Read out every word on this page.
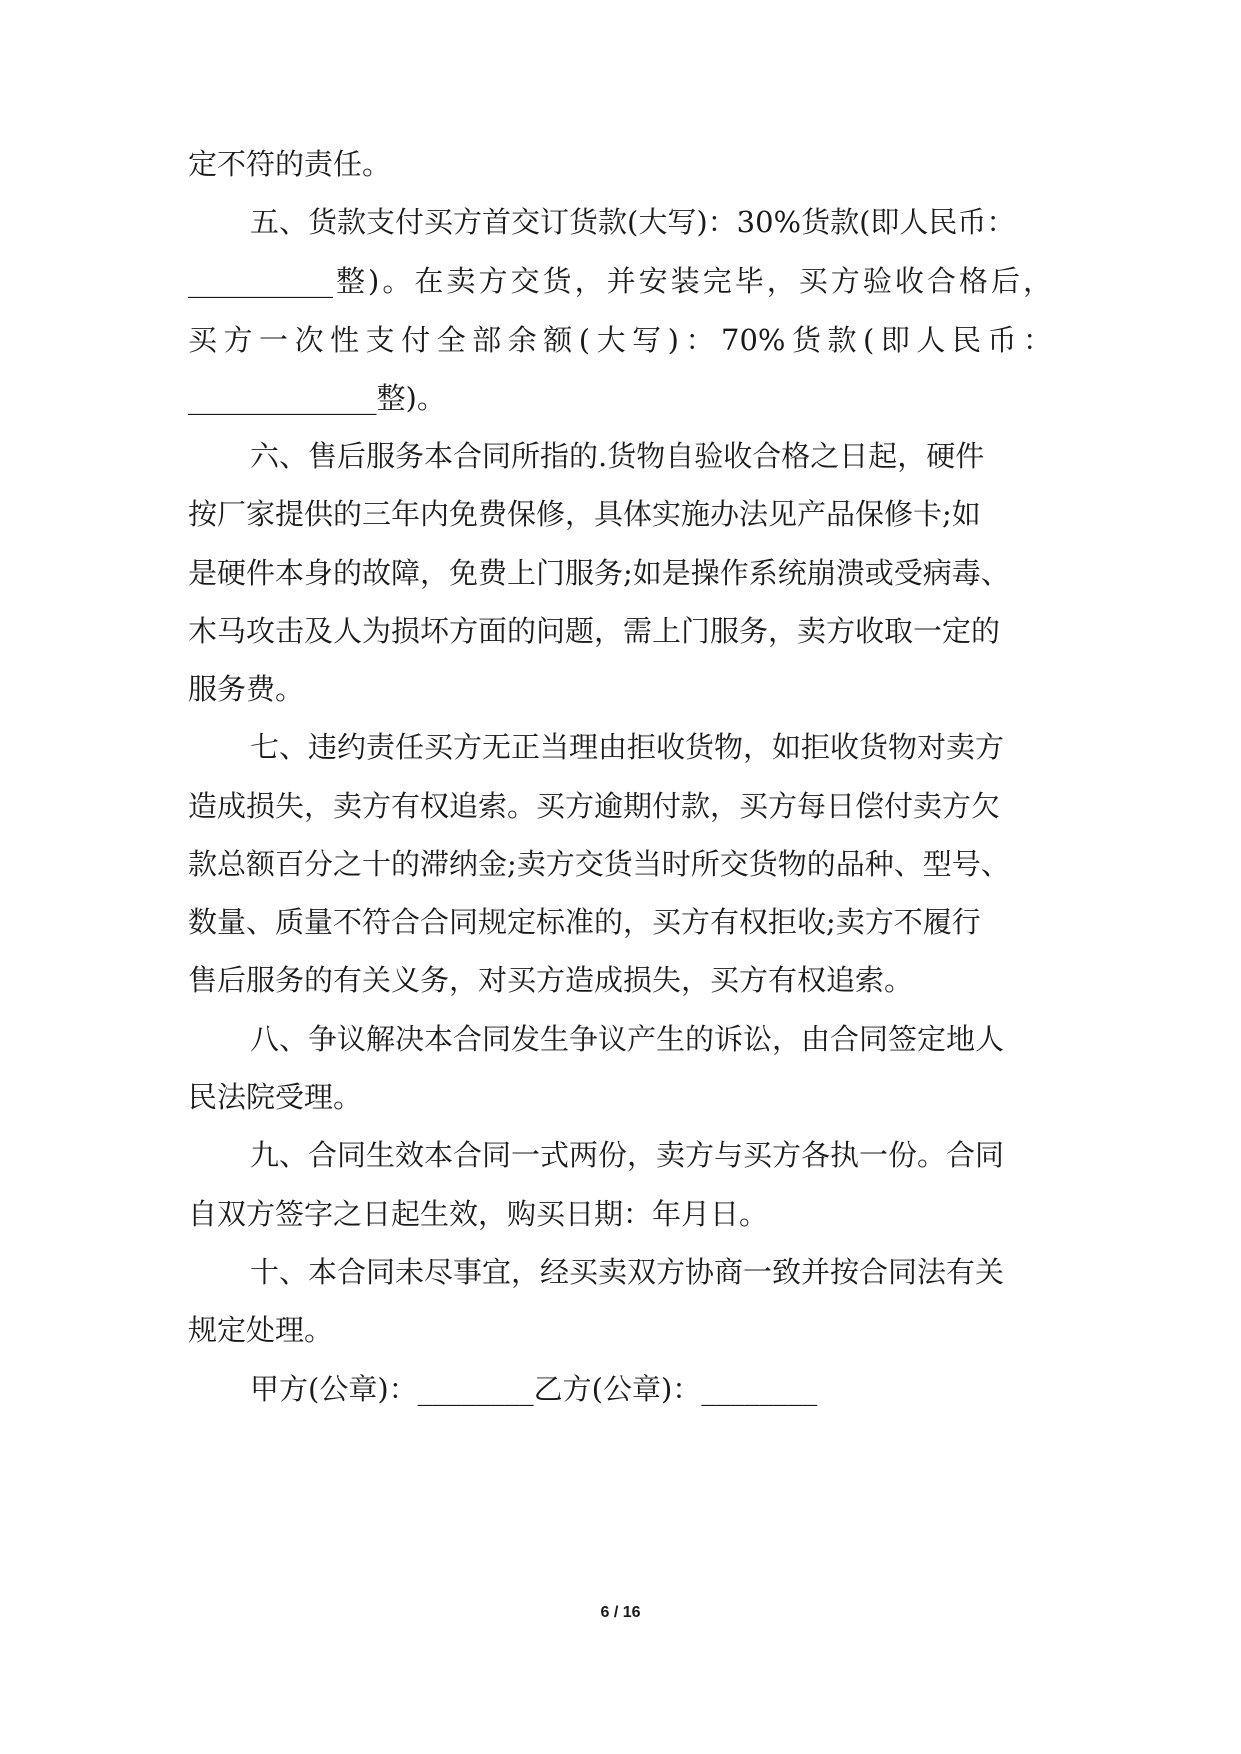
定不符的责任。

五、货款支付买方首交订货款(大写)：30%货款(即人民币：

__________整)。在卖方交货，并安装完毕，买方验收合格后，

买方一次性支付全部余额(大写)：70%货款(即人民币：

_____________整)。

六、售后服务本合同所指的.货物自验收合格之日起，硬件

按厂家提供的三年内免费保修，具体实施办法见产品保修卡;如

是硬件本身的故障，免费上门服务;如是操作系统崩溃或受病毒、

木马攻击及人为损坏方面的问题，需上门服务，卖方收取一定的

服务费。

七、违约责任买方无正当理由拒收货物，如拒收货物对卖方

造成损失，卖方有权追索。买方逾期付款，买方每日偿付卖方欠

款总额百分之十的滞纳金;卖方交货当时所交货物的品种、型号、

数量、质量不符合合同规定标准的，买方有权拒收;卖方不履行

售后服务的有关义务，对买方造成损失，买方有权追索。

八、争议解决本合同发生争议产生的诉讼，由合同签定地人

民法院受理。

九、合同生效本合同一式两份，卖方与买方各执一份。合同

自双方签字之日起生效，购买日期：年月日。

十、本合同未尽事宜，经买卖双方协商一致并按合同法有关

规定处理。

甲方(公章)：________乙方(公章)：________

6 / 16
